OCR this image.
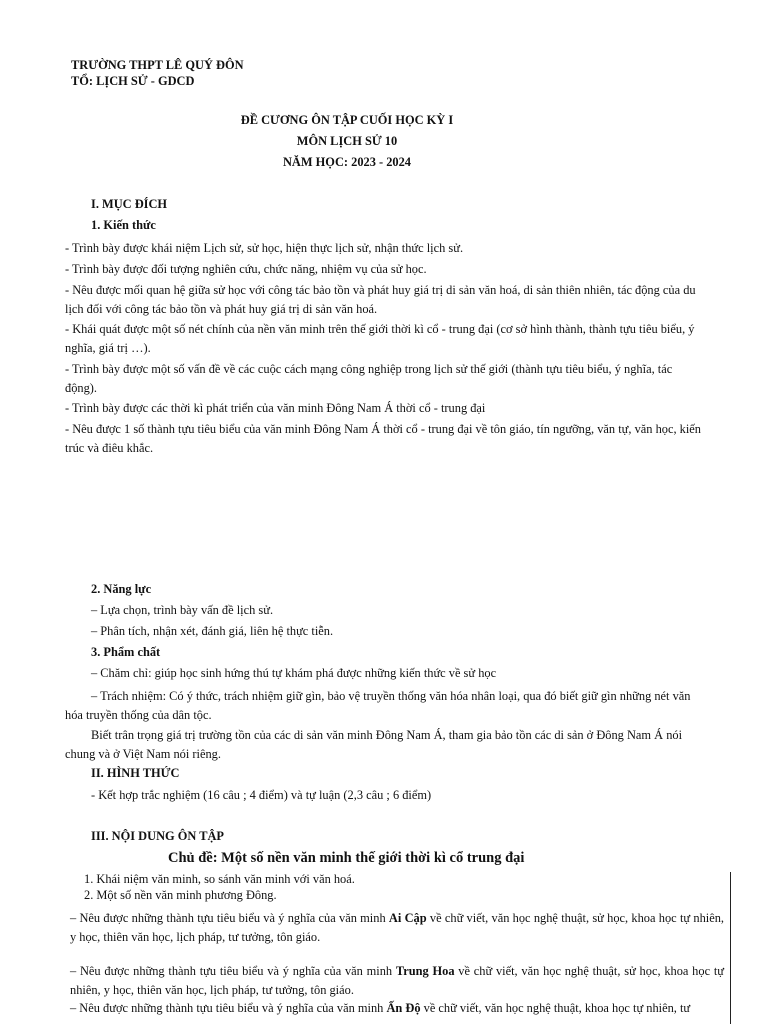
TRƯỜNG THPT LÊ QUÝ ĐÔN
TỔ: LỊCH SỬ - GDCD
ĐỀ CƯƠNG ÔN TẬP CUỐI HỌC KỲ I
MÔN LỊCH SỬ 10
NĂM HỌC: 2023 - 2024
I. MỤC ĐÍCH
1. Kiến thức
- Trình bày được khái niệm Lịch sử, sử học, hiện thực lịch sử, nhận thức lịch sử.
- Trình bày được đối tượng nghiên cứu, chức năng, nhiệm vụ của sử học.
- Nêu được mối quan hệ giữa sử học với công tác bảo tồn và phát huy giá trị di sản văn hoá, di sản thiên nhiên, tác động của du lịch đối với công tác bảo tồn và phát huy giá trị di sản văn hoá.
- Khái quát được một số nét chính của nền văn minh trên thế giới thời kì cổ - trung đại (cơ sở hình thành, thành tựu tiêu biểu, ý nghĩa, giá trị …).
- Trình bày được một số vấn đề về các cuộc cách mạng công nghiệp trong lịch sử thế giới (thành tựu tiêu biểu, ý nghĩa, tác động).
- Trình bày được các thời kì phát triển của văn minh Đông Nam Á thời cổ - trung đại
- Nêu được 1 số thành tựu tiêu biểu của văn minh Đông Nam Á thời cổ - trung đại về tôn giáo, tín ngưỡng, văn tự, văn học, kiến trúc và điêu khắc.
2. Năng lực
– Lựa chọn, trình bày vấn đề lịch sử.
– Phân tích, nhận xét, đánh giá, liên hệ thực tiễn.
3. Phẩm chất
– Chăm chỉ: giúp học sinh hứng thú tự khám phá được những kiến thức về sử học
– Trách nhiệm: Có ý thức, trách nhiệm giữ gìn, bảo vệ truyền thống văn hóa nhân loại, qua đó biết giữ gìn những nét văn hóa truyền thống của dân tộc.
Biết trân trọng giá trị trường tồn của các di sản văn minh Đông Nam Á, tham gia bảo tồn các di sản ở Đông Nam Á nói chung và ở Việt Nam nói riêng.
II. HÌNH THỨC
- Kết hợp trắc nghiệm (16 câu ; 4 điểm) và tự luận (2,3 câu ; 6 điểm)
III. NỘI DUNG ÔN TẬP
Chủ đề: Một số nền văn minh thế giới thời kì cổ trung đại
1. Khái niệm văn minh, so sánh văn minh với văn hoá.
2. Một số nền văn minh phương Đông.
– Nêu được những thành tựu tiêu biểu và ý nghĩa của văn minh Ai Cập về chữ viết, văn học nghệ thuật, sử học, khoa học tự nhiên, y học, thiên văn học, lịch pháp, tư tưởng, tôn giáo.
– Nêu được những thành tựu tiêu biểu và ý nghĩa của văn minh Trung Hoa về chữ viết, văn học nghệ thuật, sử học, khoa học tự nhiên, y học, thiên văn học, lịch pháp, tư tưởng, tôn giáo.
– Nêu được những thành tựu tiêu biểu và ý nghĩa của văn minh Ấn Độ về chữ viết, văn học nghệ thuật, khoa học tự nhiên, tư
